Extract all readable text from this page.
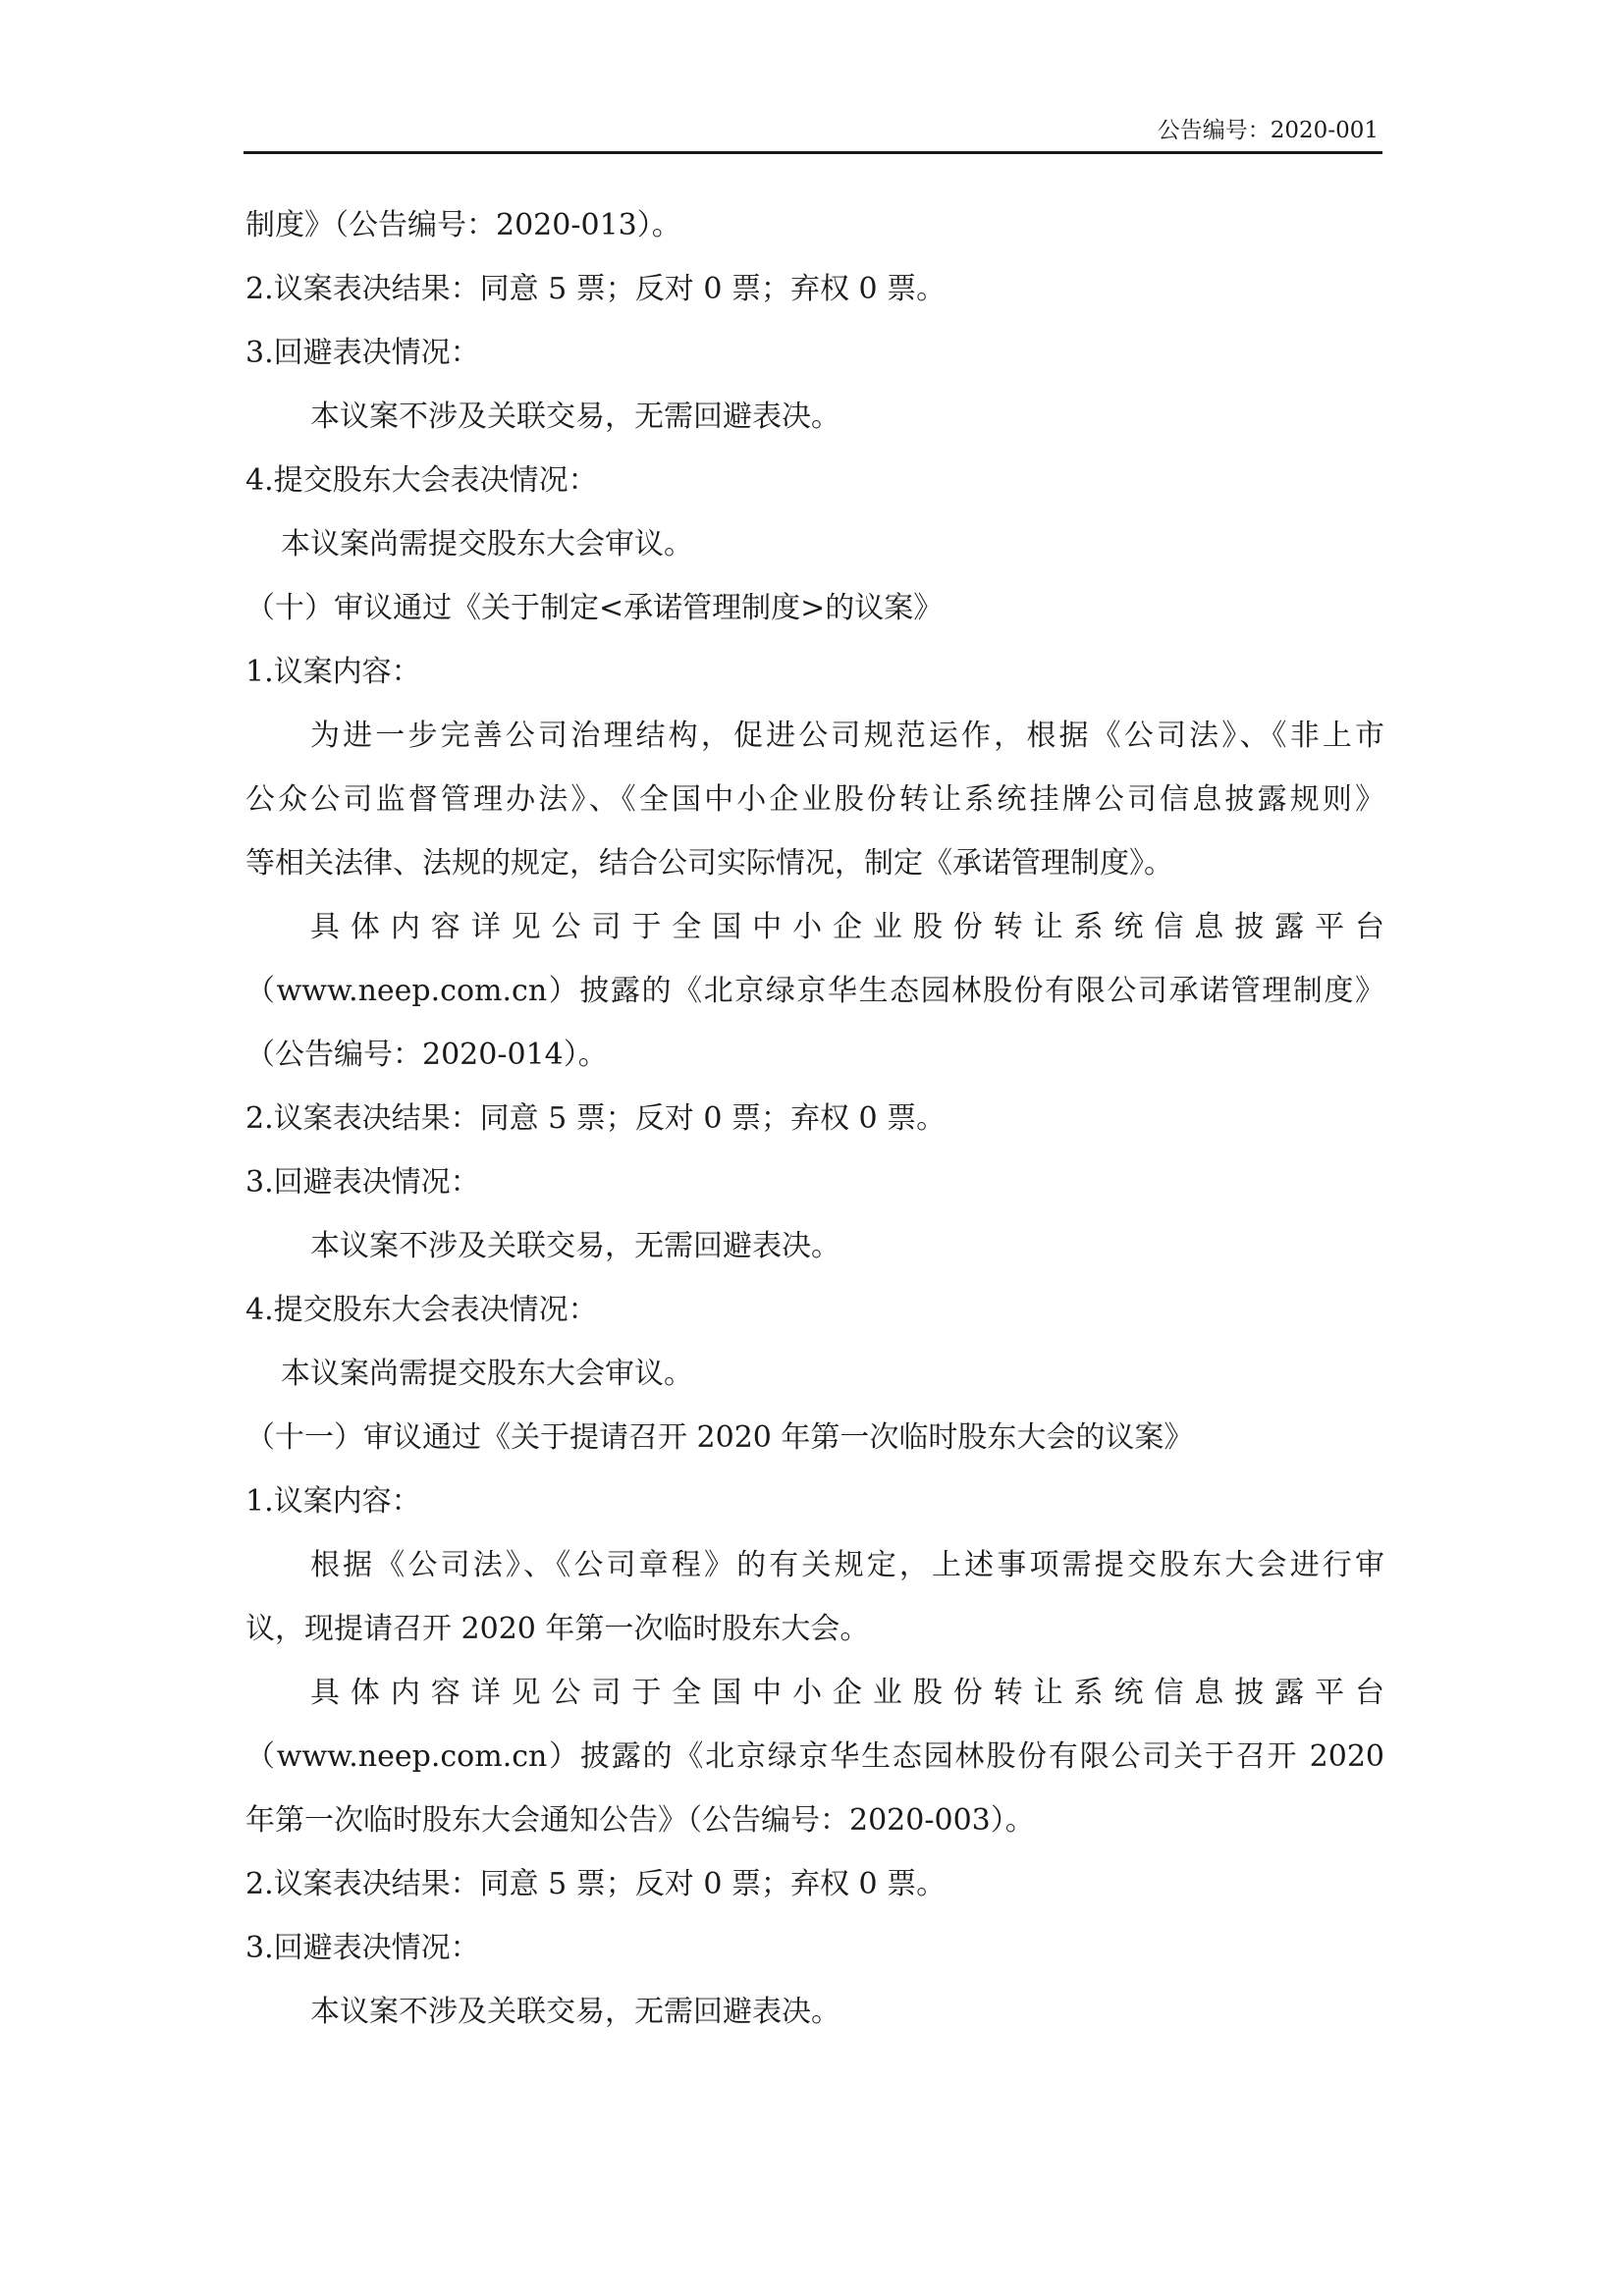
公告编号：2020-001
制度》（公告编号：2020-013）。
2.议案表决结果：同意 5 票；反对 0 票；弃权 0 票。
3.回避表决情况：
本议案不涉及关联交易，无需回避表决。
4.提交股东大会表决情况：
本议案尚需提交股东大会审议。
（十）审议通过《关于制定<承诺管理制度>的议案》
1.议案内容：
为进一步完善公司治理结构，促进公司规范运作，根据《公司法》、《非上市
公众公司监督管理办法》、《全国中小企业股份转让系统挂牌公司信息披露规则》
等相关法律、法规的规定，结合公司实际情况，制定《承诺管理制度》。
具体内容详见公司于全国中小企业股份转让系统信息披露平台
（www.neep.com.cn）披露的《北京绿京华生态园林股份有限公司承诺管理制度》
（公告编号：2020-014）。
2.议案表决结果：同意 5 票；反对 0 票；弃权 0 票。
3.回避表决情况：
本议案不涉及关联交易，无需回避表决。
4.提交股东大会表决情况：
本议案尚需提交股东大会审议。
（十一）审议通过《关于提请召开 2020 年第一次临时股东大会的议案》
1.议案内容：
根据《公司法》、《公司章程》的有关规定，上述事项需提交股东大会进行审
议，现提请召开 2020 年第一次临时股东大会。
具体内容详见公司于全国中小企业股份转让系统信息披露平台
（www.neep.com.cn）披露的《北京绿京华生态园林股份有限公司关于召开 2020
年第一次临时股东大会通知公告》（公告编号：2020-003）。
2.议案表决结果：同意 5 票；反对 0 票；弃权 0 票。
3.回避表决情况：
本议案不涉及关联交易，无需回避表决。
